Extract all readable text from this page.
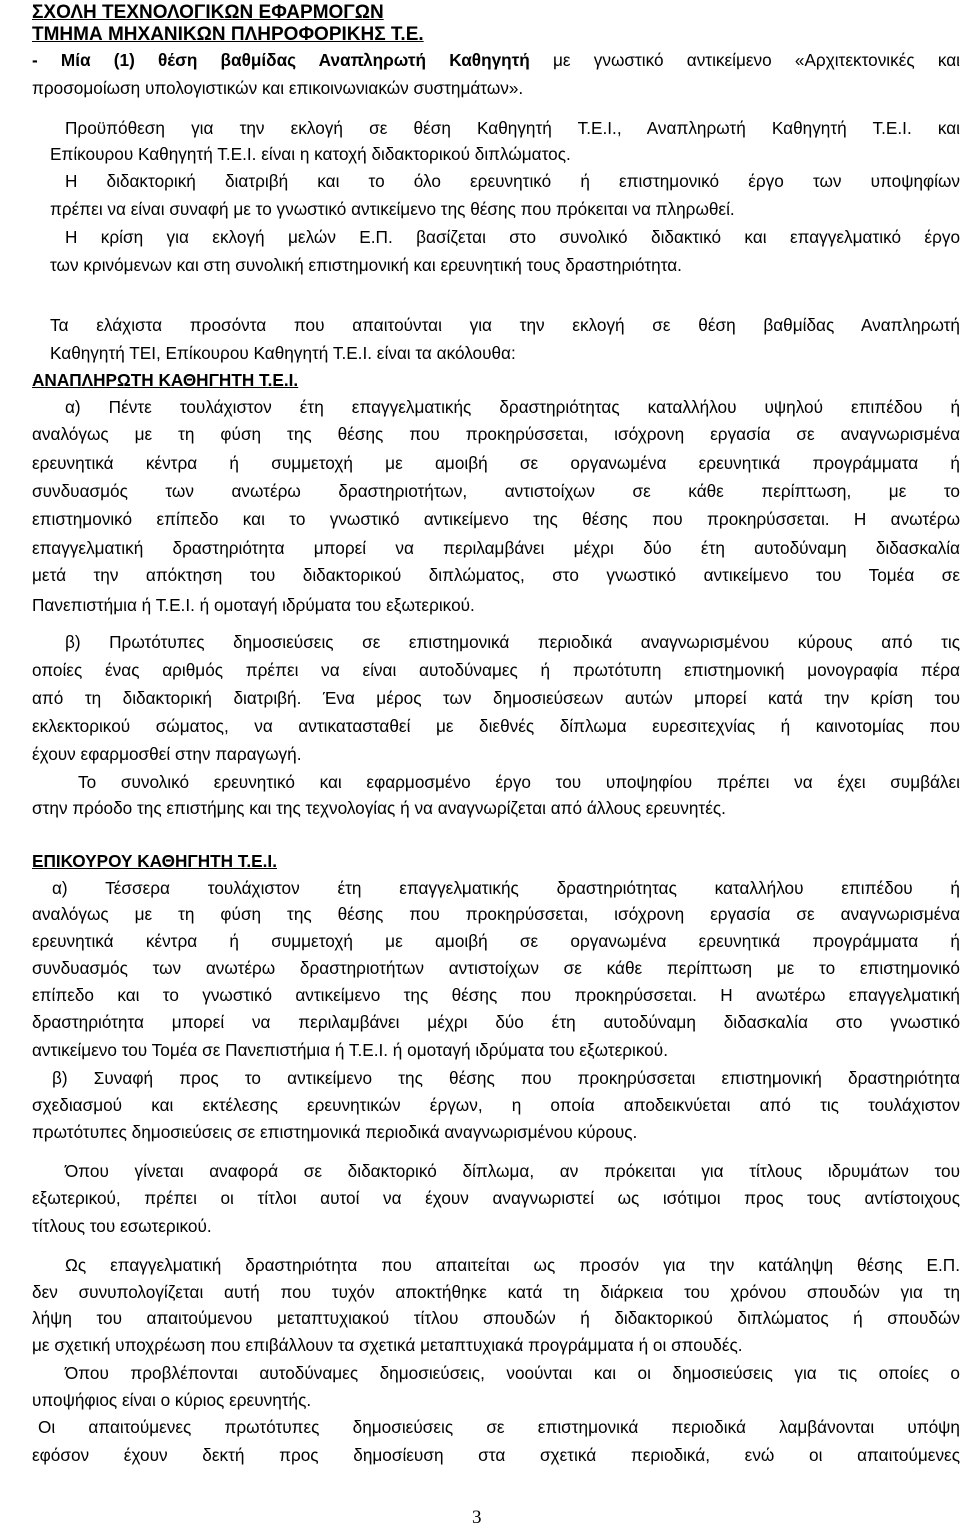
ΣΧΟΛΗ ΤΕΧΝΟΛΟΓΙΚΩΝ ΕΦΑΡΜΟΓΩΝ
ΤΜΗΜΑ ΜΗΧΑΝΙΚΩΝ ΠΛΗΡΟΦΟΡΙΚΗΣ Τ.Ε.
- Μία (1) θέση βαθμίδας Αναπληρωτή Καθηγητή με γνωστικό αντικείμενο «Αρχιτεκτονικές και
προσομοίωση υπολογιστικών και επικοινωνιακών συστημάτων».
Προϋπόθεση για την εκλογή σε θέση Καθηγητή Τ.Ε.Ι., Αναπληρωτή Καθηγητή Τ.Ε.Ι. και
Επίκουρου Καθηγητή Τ.Ε.Ι. είναι η κατοχή διδακτορικού διπλώματος.
Η διδακτορική διατριβή και το όλο ερευνητικό ή επιστημονικό έργο των υποψηφίων
πρέπει να είναι συναφή με το γνωστικό αντικείμενο της θέσης που πρόκειται να πληρωθεί.
Η κρίση για εκλογή μελών Ε.Π. βασίζεται στο συνολικό διδακτικό και επαγγελματικό έργο
των κρινόμενων και στη συνολική επιστημονική και ερευνητική τους δραστηριότητα.
Τα ελάχιστα προσόντα που απαιτούνται για την εκλογή σε θέση βαθμίδας Αναπληρωτή
Καθηγητή ΤΕΙ, Επίκουρου Καθηγητή Τ.Ε.Ι. είναι τα ακόλουθα:
ΑΝΑΠΛΗΡΩΤΗ ΚΑΘΗΓΗΤΗ Τ.Ε.Ι.
α) Πέντε τουλάχιστον έτη επαγγελματικής δραστηριότητας καταλλήλου υψηλού επιπέδου ή
αναλόγως με τη φύση της θέσης που προκηρύσσεται, ισόχρονη εργασία σε αναγνωρισμένα
ερευνητικά κέντρα ή συμμετοχή με αμοιβή σε οργανωμένα ερευνητικά προγράμματα ή
συνδυασμός των ανωτέρω δραστηριοτήτων, αντιστοίχων σε κάθε περίπτωση, με το
επιστημονικό επίπεδο και το γνωστικό αντικείμενο της θέσης που προκηρύσσεται. Η ανωτέρω
επαγγελματική δραστηριότητα μπορεί να περιλαμβάνει μέχρι δύο έτη αυτοδύναμη διδασκαλία
μετά την απόκτηση του διδακτορικού διπλώματος, στο γνωστικό αντικείμενο του Τομέα σε
Πανεπιστήμια ή Τ.Ε.Ι. ή ομοταγή ιδρύματα του εξωτερικού.
β) Πρωτότυπες δημοσιεύσεις σε επιστημονικά περιοδικά αναγνωρισμένου κύρους από τις
οποίες ένας αριθμός πρέπει να είναι αυτοδύναμες ή πρωτότυπη επιστημονική μονογραφία πέρα
από τη διδακτορική διατριβή. Ένα μέρος των δημοσιεύσεων αυτών μπορεί κατά την κρίση του
εκλεκτορικού σώματος, να αντικατασταθεί με διεθνές δίπλωμα ευρεσιτεχνίας ή καινοτομίας που
έχουν εφαρμοσθεί στην παραγωγή.
Το συνολικό ερευνητικό και εφαρμοσμένο έργο του υποψηφίου πρέπει να έχει συμβάλει
στην πρόοδο της επιστήμης και της τεχνολογίας ή να αναγνωρίζεται από άλλους ερευνητές.
ΕΠΙΚΟΥΡΟΥ ΚΑΘΗΓΗΤΗ Τ.Ε.Ι.
α) Τέσσερα τουλάχιστον έτη επαγγελματικής δραστηριότητας καταλλήλου επιπέδου ή
αναλόγως με τη φύση της θέσης που προκηρύσσεται, ισόχρονη εργασία σε αναγνωρισμένα
ερευνητικά κέντρα ή συμμετοχή με αμοιβή σε οργανωμένα ερευνητικά προγράμματα ή
συνδυασμός των ανωτέρω δραστηριοτήτων αντιστοίχων σε κάθε περίπτωση με το επιστημονικό
επίπεδο και το γνωστικό αντικείμενο της θέσης που προκηρύσσεται. Η ανωτέρω επαγγελματική
δραστηριότητα μπορεί να περιλαμβάνει μέχρι δύο έτη αυτοδύναμη διδασκαλία στο γνωστικό
αντικείμενο του Τομέα σε Πανεπιστήμια ή Τ.Ε.Ι. ή ομοταγή ιδρύματα του εξωτερικού.
β) Συναφή προς το αντικείμενο της θέσης που προκηρύσσεται επιστημονική δραστηριότητα
σχεδιασμού και εκτέλεσης ερευνητικών έργων, η οποία αποδεικνύεται από τις τουλάχιστον
πρωτότυπες δημοσιεύσεις σε επιστημονικά περιοδικά αναγνωρισμένου κύρους.
Όπου γίνεται αναφορά σε διδακτορικό δίπλωμα, αν πρόκειται για τίτλους ιδρυμάτων του
εξωτερικού, πρέπει οι τίτλοι αυτοί να έχουν αναγνωριστεί ως ισότιμοι προς τους αντίστοιχους
τίτλους του εσωτερικού.
Ως επαγγελματική δραστηριότητα που απαιτείται ως προσόν για την κατάληψη θέσης Ε.Π.
δεν συνυπολογίζεται αυτή που τυχόν αποκτήθηκε κατά τη διάρκεια του χρόνου σπουδών για τη
λήψη του απαιτούμενου μεταπτυχιακού τίτλου σπουδών ή διδακτορικού διπλώματος ή σπουδών
με σχετική υποχρέωση που επιβάλλουν τα σχετικά μεταπτυχιακά προγράμματα ή οι σπουδές.
Όπου προβλέπονται αυτοδύναμες δημοσιεύσεις, νοούνται και οι δημοσιεύσεις για τις οποίες ο
υποψήφιος είναι ο κύριος ερευνητής.
Οι απαιτούμενες πρωτότυπες δημοσιεύσεις σε επιστημονικά περιοδικά λαμβάνονται υπόψη
εφόσον έχουν δεκτή προς δημοσίευση στα σχετικά περιοδικά, ενώ οι απαιτούμενες
3
